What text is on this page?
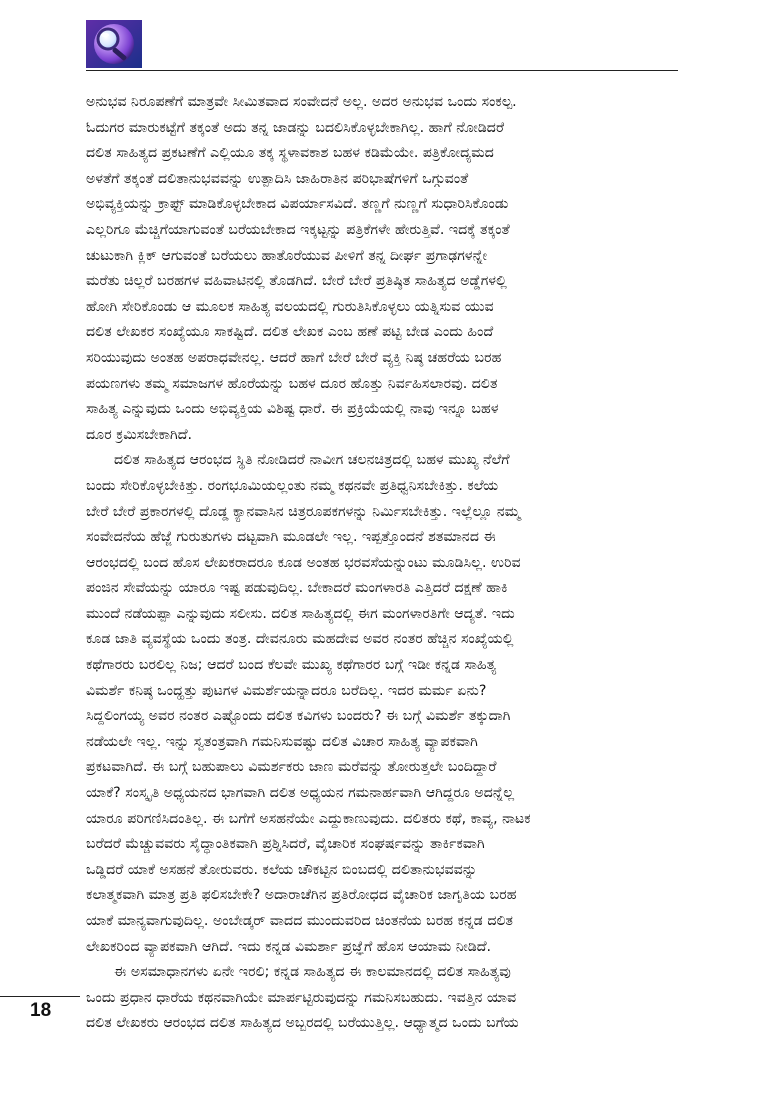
ಅನುಭವ ನಿರೂಪಣೆಗೆ ಮಾತ್ರವೇ ಸೀಮಿತವಾದ ಸಂವೇದನೆ ಅಲ್ಲ. ಅದರ ಅನುಭವ ಒಂದು ಸಂಕಲ್ಪ.
ಓದುಗರ ಮಾರುಕಟ್ಟೆಗೆ ತಕ್ಕಂತೆ ಅದು ತನ್ನ ಜಾಡನ್ನು ಬದಲಿಸಿಕೊಳ್ಳಬೇಕಾಗಿಲ್ಲ. ಹಾಗೆ ನೋಡಿದರೆ
ದಲಿತ ಸಾಹಿತ್ಯದ ಪ್ರಕಟಣೆಗೆ ಎಲ್ಲಿಯೂ ತಕ್ಕ ಸ್ಥಳಾವಕಾಶ ಬಹಳ ಕಡಿಮೆಯೇ. ಪತ್ರಿಕೋದ್ಯಮದ
ಅಳತೆಗೆ ತಕ್ಕಂತೆ ದಲಿತಾನುಭವವನ್ನು ಉತ್ಪಾದಿಸಿ ಜಾಹಿರಾತಿನ ಪರಿಭಾಷೆಗಳಿಗೆ ಒಗ್ಗುವಂತೆ
ಅಭಿವ್ಯಕ್ತಿಯನ್ನು ಕ್ರಾಫ್ಟ್ ಮಾಡಿಕೊಳ್ಳಬೇಕಾದ ವಿಪರ್ಯಾಸವಿದೆ. ತಣ್ಣಗೆ ನುಣ್ಣಗೆ ಸುಧಾರಿಸಿಕೊಂಡು
ಎಲ್ಲರಿಗೂ ಮೆಚ್ಚಿಗೆಯಾಗುವಂತೆ ಬರೆಯಬೇಕಾದ ಇಕ್ಕಟ್ಟನ್ನು ಪತ್ರಿಕೆಗಳೇ ಹೇರುತ್ತಿವೆ. ಇದಕ್ಕೆ ತಕ್ಕಂತೆ
ಚುಟುಕಾಗಿ ಕ್ಲಿಕ್ ಆಗುವಂತೆ ಬರೆಯಲು ಹಾತೊರೆಯುವ ಪೀಳಿಗೆ ತನ್ನ ದೀರ್ಘ ಪ್ರಗಾಢಗಳನ್ನೇ
ಮರೆತು ಚಿಲ್ಲರೆ ಬರಹಗಳ ವಹಿವಾಟಿನಲ್ಲಿ ತೊಡಗಿದೆ. ಬೇರೆ ಬೇರೆ ಪ್ರತಿಷ್ಠಿತ ಸಾಹಿತ್ಯದ ಅಡ್ಡೆಗಳಲ್ಲಿ
ಹೋಗಿ ಸೇರಿಕೊಂಡು ಆ ಮೂಲಕ ಸಾಹಿತ್ಯ ವಲಯದಲ್ಲಿ ಗುರುತಿಸಿಕೊಳ್ಳಲು ಯತ್ನಿಸುವ ಯುವ
ದಲಿತ ಲೇಖಕರ ಸಂಖ್ಯೆಯೂ ಸಾಕಷ್ಟಿದೆ. ದಲಿತ ಲೇಖಕ ಎಂಬ ಹಣೆ ಪಟ್ಟಿ ಬೇಡ ಎಂದು ಹಿಂದೆ
ಸರಿಯುವುದು ಅಂತಹ ಅಪರಾಧವೇನಲ್ಲ. ಆದರೆ ಹಾಗೆ ಬೇರೆ ಬೇರೆ ವ್ಯಕ್ತಿ ನಿಷ್ಠ ಚಹರೆಯ ಬರಹ
ಪಯಣಗಳು ತಮ್ಮ ಸಮಾಜಗಳ ಹೊರೆಯನ್ನು ಬಹಳ ದೂರ ಹೊತ್ತು ನಿರ್ವಹಿಸಲಾರವು. ದಲಿತ
ಸಾಹಿತ್ಯ ಎನ್ನುವುದು ಒಂದು ಅಭಿವ್ಯಕ್ತಿಯ ವಿಶಿಷ್ಟ ಧಾರೆ. ಈ ಪ್ರಕ್ರಿಯೆಯಲ್ಲಿ ನಾವು ಇನ್ನೂ ಬಹಳ
ದೂರ ಕ್ರಮಿಸಬೇಕಾಗಿದೆ.
ದಲಿತ ಸಾಹಿತ್ಯದ ಆರಂಭದ ಸ್ಥಿತಿ ನೋಡಿದರೆ ನಾವೀಗ ಚಲನಚಿತ್ರದಲ್ಲಿ ಬಹಳ ಮುಖ್ಯ ನೆಲೆಗೆ
ಬಂದು ಸೇರಿಕೊಳ್ಳಬೇಕಿತ್ತು. ರಂಗಭೂಮಿಯಲ್ಲಂತು ನಮ್ಮ ಕಥನವೇ ಪ್ರತಿಧ್ವನಿಸಬೇಕಿತ್ತು. ಕಲೆಯ
ಬೇರೆ ಬೇರೆ ಪ್ರಕಾರಗಳಲ್ಲಿ ದೊಡ್ಡ ಕ್ಯಾನವಾಸಿನ ಚಿತ್ರರೂಪಕಗಳನ್ನು ನಿರ್ಮಿಸಬೇಕಿತ್ತು. ಇಲ್ಲೆಲ್ಲೂ ನಮ್ಮ
ಸಂವೇದನೆಯ ಹೆಜ್ಜೆ ಗುರುತುಗಳು ದಟ್ಟವಾಗಿ ಮೂಡಲೇ ಇಲ್ಲ. ಇಪ್ಪತ್ತೊಂದನೆ ಶತಮಾನದ ಈ
ಆರಂಭದಲ್ಲಿ ಬಂದ ಹೊಸ ಲೇಖಕರಾದರೂ ಕೂಡ ಅಂತಹ ಭರವಸೆಯನ್ನುಂಟು ಮೂಡಿಸಿಲ್ಲ. ಉರಿವ
ಪಂಜಿನ ಸೇವೆಯನ್ನು ಯಾರೂ ಇಷ್ಟ ಪಡುವುದಿಲ್ಲ. ಬೇಕಾದರೆ ಮಂಗಳಾರತಿ ಎತ್ತಿದರೆ ದಕ್ಷಣೆ ಹಾಕಿ
ಮುಂದೆ ನಡೆಯಪ್ಪಾ ಎನ್ನುವುದು ಸಲೀಸು. ದಲಿತ ಸಾಹಿತ್ಯದಲ್ಲಿ ಈಗ ಮಂಗಳಾರತಿಗೇ ಆದ್ಯತೆ. ಇದು
ಕೂಡ ಜಾತಿ ವ್ಯವಸ್ಥೆಯ ಒಂದು ತಂತ್ರ. ದೇವನೂರು ಮಹದೇವ ಅವರ ನಂತರ ಹೆಚ್ಚಿನ ಸಂಖ್ಯೆಯಲ್ಲಿ
ಕಥೆಗಾರರು ಬರಲಿಲ್ಲ ನಿಜ; ಆದರೆ ಬಂದ ಕೆಲವೇ ಮುಖ್ಯ ಕಥೆಗಾರರ ಬಗ್ಗೆ ಇಡೀ ಕನ್ನಡ ಸಾಹಿತ್ಯ
ವಿಮರ್ಶೆ ಕನಿಷ್ಠ ಒಂದ್ಹತ್ತು ಪುಟಗಳ ವಿಮರ್ಶೆಯನ್ನಾದರೂ ಬರೆದಿಲ್ಲ. ಇದರ ಮರ್ಮ ಏನು?
ಸಿದ್ದಲಿಂಗಯ್ಯ ಅವರ ನಂತರ ಎಷ್ಟೊಂದು ದಲಿತ ಕವಿಗಳು ಬಂದರು? ಈ ಬಗ್ಗೆ ವಿಮರ್ಶೆ ತಕ್ಕುದಾಗಿ
ನಡೆಯಲೇ ಇಲ್ಲ. ಇನ್ನು ಸ್ವತಂತ್ರವಾಗಿ ಗಮನಿಸುವಷ್ಟು ದಲಿತ ವಿಚಾರ ಸಾಹಿತ್ಯ ವ್ಯಾಪಕವಾಗಿ
ಪ್ರಕಟವಾಗಿದೆ. ಈ ಬಗ್ಗೆ ಬಹುಪಾಲು ವಿಮರ್ಶಕರು ಜಾಣ ಮರೆವನ್ನು ತೋರುತ್ತಲೇ ಬಂದಿದ್ದಾರೆ
ಯಾಕೆ? ಸಂಸ್ಕೃತಿ ಅಧ್ಯಯನದ ಭಾಗವಾಗಿ ದಲಿತ ಅಧ್ಯಯನ ಗಮನಾರ್ಹವಾಗಿ ಆಗಿದ್ದರೂ ಅದನ್ನೆಲ್ಲ
ಯಾರೂ ಪರಿಗಣಿಸಿದಂತಿಲ್ಲ. ಈ ಬಗೆಗೆ ಅಸಹನೆಯೇ ಎದ್ದುಕಾಣುವುದು. ದಲಿತರು ಕಥೆ, ಕಾವ್ಯ, ನಾಟಕ
ಬರೆದರೆ ಮೆಚ್ಚುವವರು ಸೈದ್ಧಾಂತಿಕವಾಗಿ ಪ್ರಶ್ನಿಸಿದರೆ, ವೈಚಾರಿಕ ಸಂಘರ್ಷವನ್ನು ತಾರ್ಕಿಕವಾಗಿ
ಒಡ್ಡಿದರೆ ಯಾಕೆ ಅಸಹನೆ ತೋರುವರು. ಕಲೆಯ ಚೌಕಟ್ಟಿನ ಬಿಂಬದಲ್ಲಿ ದಲಿತಾನುಭವವನ್ನು
ಕಲಾತ್ಮಕವಾಗಿ ಮಾತ್ರ ಪ್ರತಿ ಫಲಿಸಬೇಕೇ? ಅದಾರಾಚೆಗಿನ ಪ್ರತಿರೋಧದ ವೈಚಾರಿಕ ಜಾಗೃತಿಯ ಬರಹ
ಯಾಕೆ ಮಾನ್ಯವಾಗುವುದಿಲ್ಲ. ಅಂಬೇಡ್ಕರ್ ವಾದದ ಮುಂದುವರಿದ ಚಿಂತನೆಯ ಬರಹ ಕನ್ನಡ ದಲಿತ
ಲೇಖಕರಿಂದ ವ್ಯಾಪಕವಾಗಿ ಆಗಿದೆ. ಇದು ಕನ್ನಡ ವಿಮರ್ಶಾ ಪ್ರಜ್ಞೆಗೆ ಹೊಸ ಆಯಾಮ ನೀಡಿದೆ.
ಈ ಅಸಮಾಧಾನಗಳು ಏನೇ ಇರಲಿ; ಕನ್ನಡ ಸಾಹಿತ್ಯದ ಈ ಕಾಲಮಾನದಲ್ಲಿ ದಲಿತ ಸಾಹಿತ್ಯವು
ಒಂದು ಪ್ರಧಾನ ಧಾರೆಯ ಕಥನವಾಗಿಯೇ ಮಾರ್ಪಟ್ಟಿರುವುದನ್ನು ಗಮನಿಸಬಹುದು. ಇವತ್ತಿನ ಯಾವ
ದಲಿತ ಲೇಖಕರು ಆರಂಭದ ದಲಿತ ಸಾಹಿತ್ಯದ ಅಬ್ಬರದಲ್ಲಿ ಬರೆಯುತ್ತಿಲ್ಲ. ಆಧ್ಯಾತ್ಮದ ಒಂದು ಬಗೆಯ
18
